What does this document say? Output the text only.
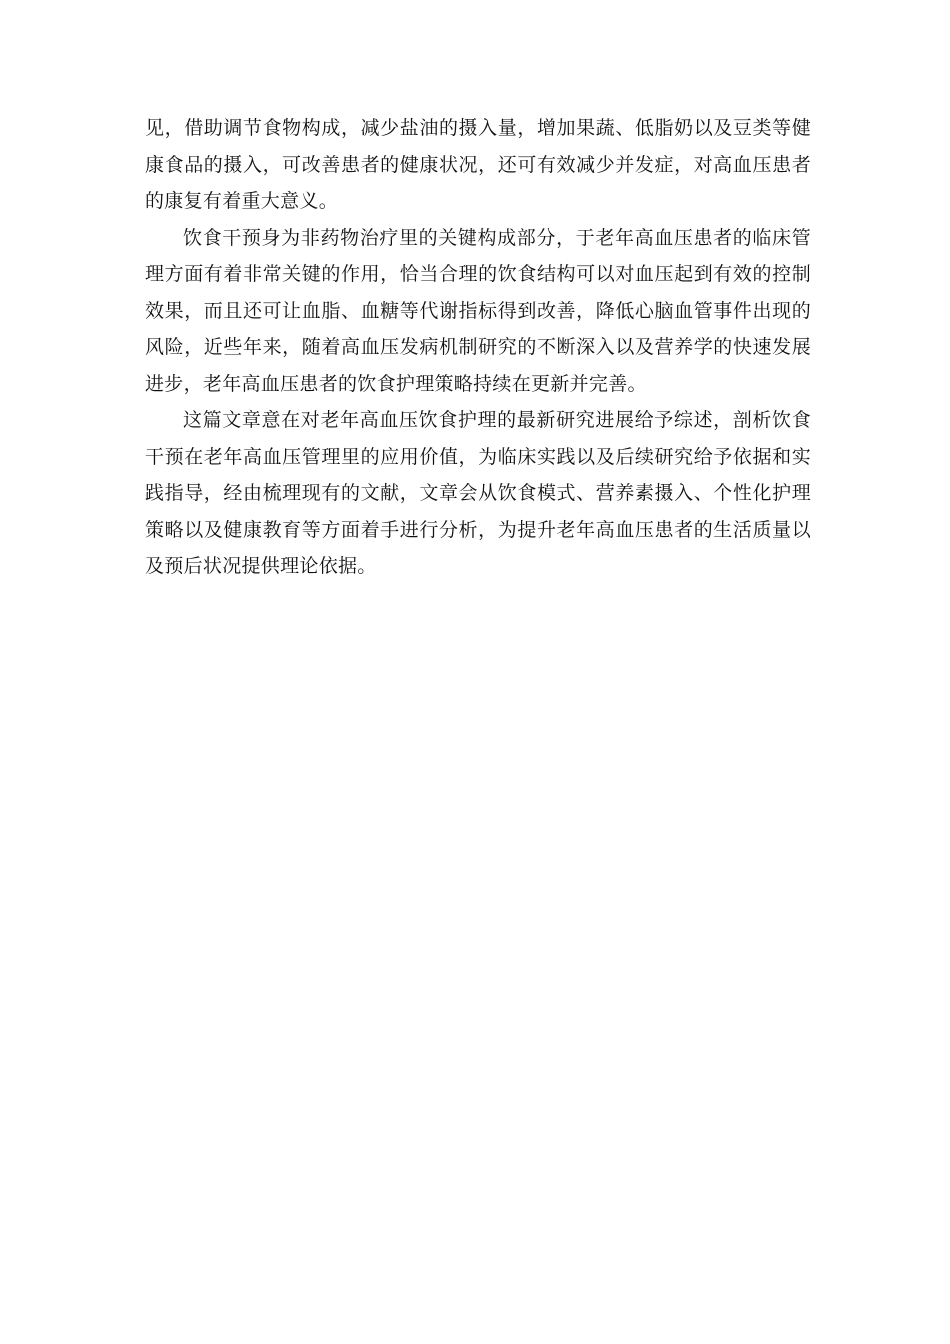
见，借助调节食物构成，减少盐油的摄入量，增加果蔬、低脂奶以及豆类等健康食品的摄入，可改善患者的健康状况，还可有效减少并发症，对高血压患者的康复有着重大意义。

饮食干预身为非药物治疗里的关键构成部分，于老年高血压患者的临床管理方面有着非常关键的作用，恰当合理的饮食结构可以对血压起到有效的控制效果，而且还可让血脂、血糖等代谢指标得到改善，降低心脑血管事件出现的风险，近些年来，随着高血压发病机制研究的不断深入以及营养学的快速发展进步，老年高血压患者的饮食护理策略持续在更新并完善。

这篇文章意在对老年高血压饮食护理的最新研究进展给予综述，剖析饮食干预在老年高血压管理里的应用价值，为临床实践以及后续研究给予依据和实践指导，经由梳理现有的文献，文章会从饮食模式、营养素摄入、个性化护理策略以及健康教育等方面着手进行分析，为提升老年高血压患者的生活质量以及预后状况提供理论依据。
